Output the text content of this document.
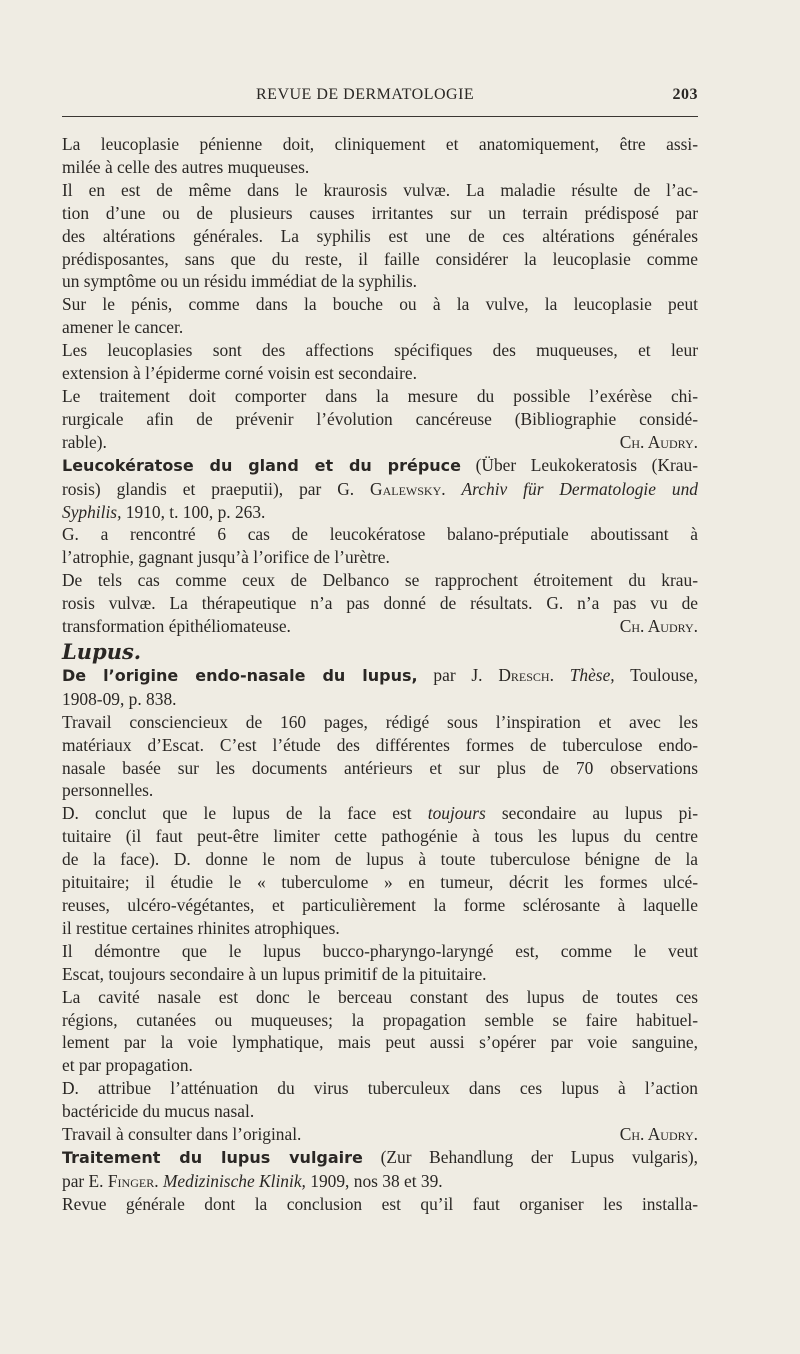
REVUE DE DERMATOLOGIE	203
La leucoplasie pénienne doit, cliniquement et anatomiquement, être assi-
milée à celle des autres muqueuses.
Il en est de même dans le kraurosis vulvæ. La maladie résulte de l’ac-
tion d’une ou de plusieurs causes irritantes sur un terrain prédisposé par
des altérations générales. La syphilis est une de ces altérations générales
prédisposantes, sans que du reste, il faille considérer la leucoplasie comme
un symptôme ou un résidu immédiat de la syphilis.
Sur le pénis, comme dans la bouche ou à la vulve, la leucoplasie peut
amener le cancer.
Les leucoplasies sont des affections spécifiques des muqueuses, et leur
extension à l’épiderme corné voisin est secondaire.
Le traitement doit comporter dans la mesure du possible l’exérèse chi-
rurgicale afin de prévenir l’évolution cancéreuse (Bibliographie considé-
rable).	Ch. Audry.
Leucokératose du gland et du prépuce (Über Leukokeratosis (Krau-
rosis) glandis et praeputii), par G. Galewsky. Archiv für Dermatologie und
Syphilis, 1910, t. 100, p. 263.
G. a rencontré 6 cas de leucokératose balano-préputiale aboutissant à
l’atrophie, gagnant jusqu’à l’orifice de l’urètre.
De tels cas comme ceux de Delbanco se rapprochent étroitement du krau-
rosis vulvæ. La thérapeutique n’a pas donné de résultats. G. n’a pas vu de
transformation épithéliomateuse.	Ch. Audry.
Lupus.
De l’origine endo-nasale du lupus, par J. Dresch. Thèse, Toulouse,
1908-09, p. 838.
Travail consciencieux de 160 pages, rédigé sous l’inspiration et avec les
matériaux d’Escat. C’est l’étude des différentes formes de tuberculose endo-
nasale basée sur les documents antérieurs et sur plus de 70 observations
personnelles.
D. conclut que le lupus de la face est toujours secondaire au lupus pi-
tuitaire (il faut peut-être limiter cette pathogénie à tous les lupus du centre
de la face). D. donne le nom de lupus à toute tuberculose bénigne de la
pituitaire; il étudie le « tuberculome » en tumeur, décrit les formes ulcé-
reuses, ulcéro-végétantes, et particulièrement la forme sclérosante à laquelle
il restitue certaines rhinites atrophiques.
Il démontre que le lupus bucco-pharyngo-laryngé est, comme le veut
Escat, toujours secondaire à un lupus primitif de la pituitaire.
La cavité nasale est donc le berceau constant des lupus de toutes ces
régions, cutanées ou muqueuses; la propagation semble se faire habituel-
lement par la voie lymphatique, mais peut aussi s’opérer par voie sanguine,
et par propagation.
D. attribue l’atténuation du virus tuberculeux dans ces lupus à l’action
bactéricide du mucus nasal.
Travail à consulter dans l’original.	Ch. Audry.
Traitement du lupus vulgaire (Zur Behandlung der Lupus vulgaris),
par E. Finger. Medizinische Klinik, 1909, nos 38 et 39.
Revue générale dont la conclusion est qu’il faut organiser les installa-
